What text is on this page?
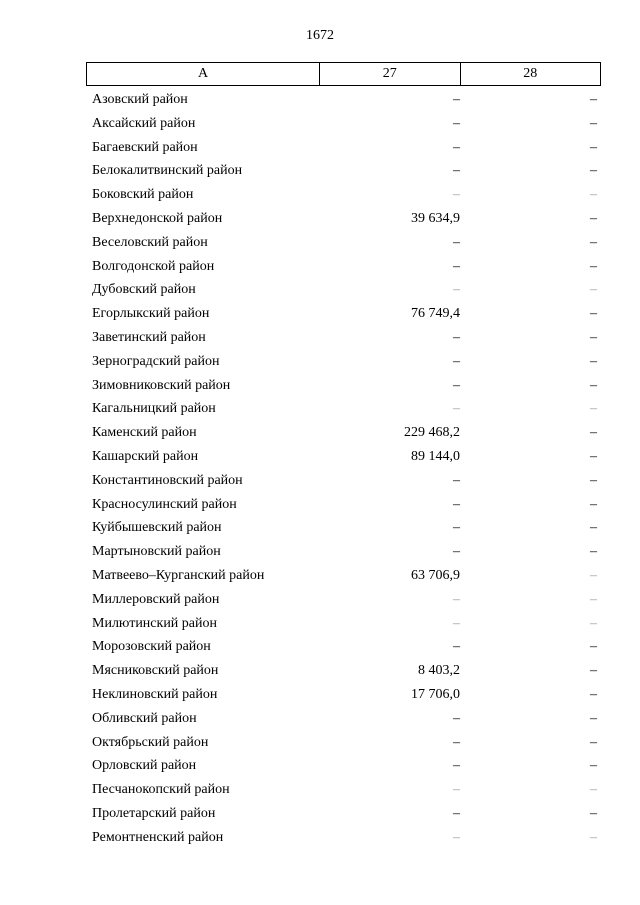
1672
A	27	28
Азовский район	–	–
Аксайский район	–	–
Багаевский район	–	–
Белокалитвинский район	–	–
Боковский район	–	–
Верхнедонской район	39 634,9	–
Веселовский район	–	–
Волгодонской район	–	–
Дубовский район	–	–
Егорлыкский район	76 749,4	–
Заветинский район	–	–
Зерноградский район	–	–
Зимовниковский район	–	–
Кагальницкий район	–	–
Каменский район	229 468,2	–
Кашарский район	89 144,0	–
Константиновский район	–	–
Красносулинский район	–	–
Куйбышевский район	–	–
Мартыновский район	–	–
Матвеево–Курганский район	63 706,9	–
Миллеровский район	–	–
Милютинский район	–	–
Морозовский район	–	–
Мясниковский район	8 403,2	–
Неклиновский район	17 706,0	–
Обливский район	–	–
Октябрьский район	–	–
Орловский район	–	–
Песчанокопский район	–	–
Пролетарский район	–	–
Ремонтненский район	–	–
